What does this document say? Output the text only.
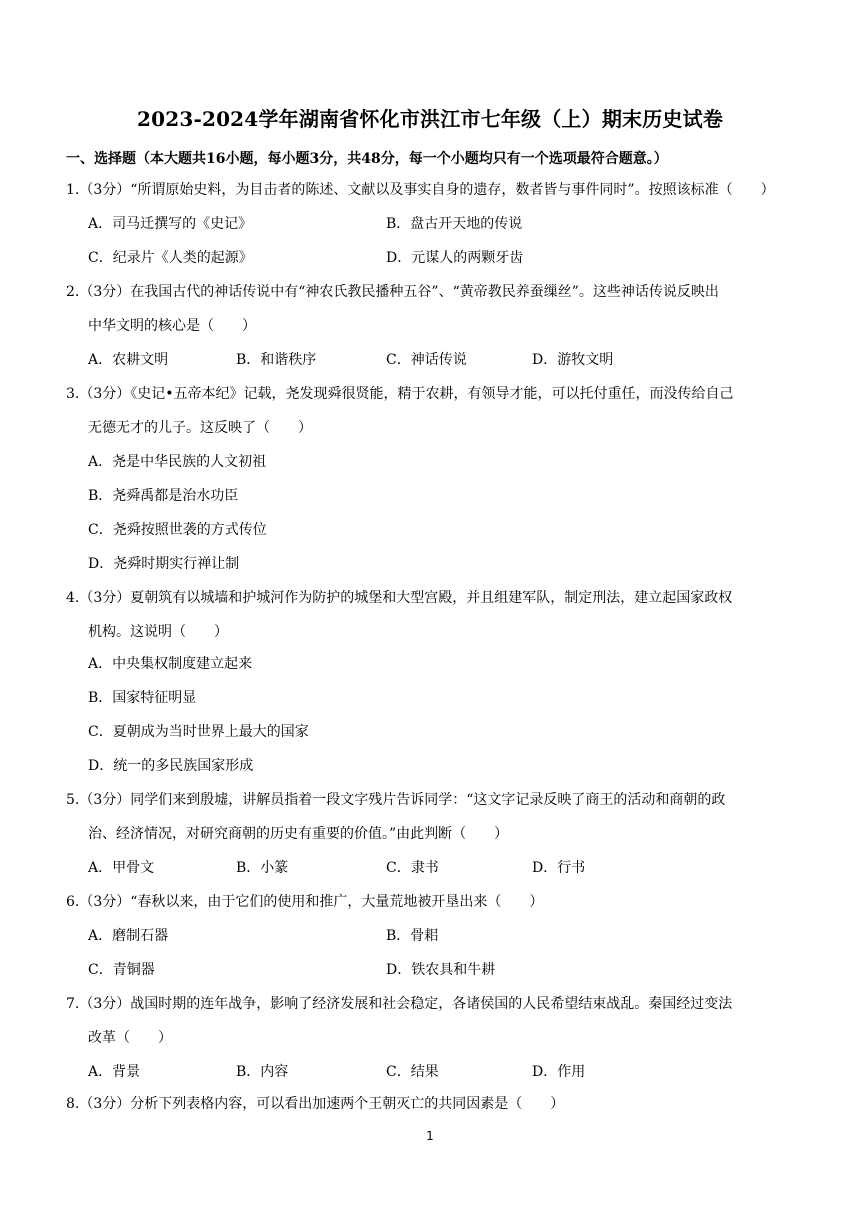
2023-2024学年湖南省怀化市洪江市七年级（上）期末历史试卷
一、选择题（本大题共16小题，每小题3分，共48分，每一个小题均只有一个选项最符合题意。）
1.（3分）“所谓原始史料，为目击者的陈述、文献以及事实自身的遗存，数者皆与事件同时”。按照该标准（　　）
A．司马迁撰写的《史记》	B．盘古开天地的传说
C．纪录片《人类的起源》	D．元谋人的两颗牙齿
2.（3分）在我国古代的神话传说中有“神农氏教民播种五谷”、“黄帝教民养蚕缫丝”。这些神话传说反映出
中华文明的核心是（　　）
A．农耕文明	B．和谐秩序	C．神话传说	D．游牧文明
3.（3分）《史记•五帝本纪》记载，尧发现舜很贤能，精于农耕，有领导才能，可以托付重任，而没传给自己
无德无才的儿子。这反映了（　　）
A．尧是中华民族的人文初祖
B．尧舜禹都是治水功臣
C．尧舜按照世袭的方式传位
D．尧舜时期实行禅让制
4.（3分）夏朝筑有以城墙和护城河作为防护的城堡和大型宫殿，并且组建军队，制定刑法，建立起国家政权
机构。这说明（　　）
A．中央集权制度建立起来
B．国家特征明显
C．夏朝成为当时世界上最大的国家
D．统一的多民族国家形成
5.（3分）同学们来到殷墟，讲解员指着一段文字残片告诉同学：“这文字记录反映了商王的活动和商朝的政
治、经济情况，对研究商朝的历史有重要的价值。”由此判断（　　）
A．甲骨文	B．小篆	C．隶书	D．行书
6.（3分）“春秋以来，由于它们的使用和推广，大量荒地被开垦出来（　　）
A．磨制石器	B．骨耜
C．青铜器	D．铁农具和牛耕
7.（3分）战国时期的连年战争，影响了经济发展和社会稳定，各诸侯国的人民希望结束战乱。秦国经过变法
改革（　　）
A．背景	B．内容	C．结果	D．作用
8.（3分）分析下列表格内容，可以看出加速两个王朝灭亡的共同因素是（　　）
1
